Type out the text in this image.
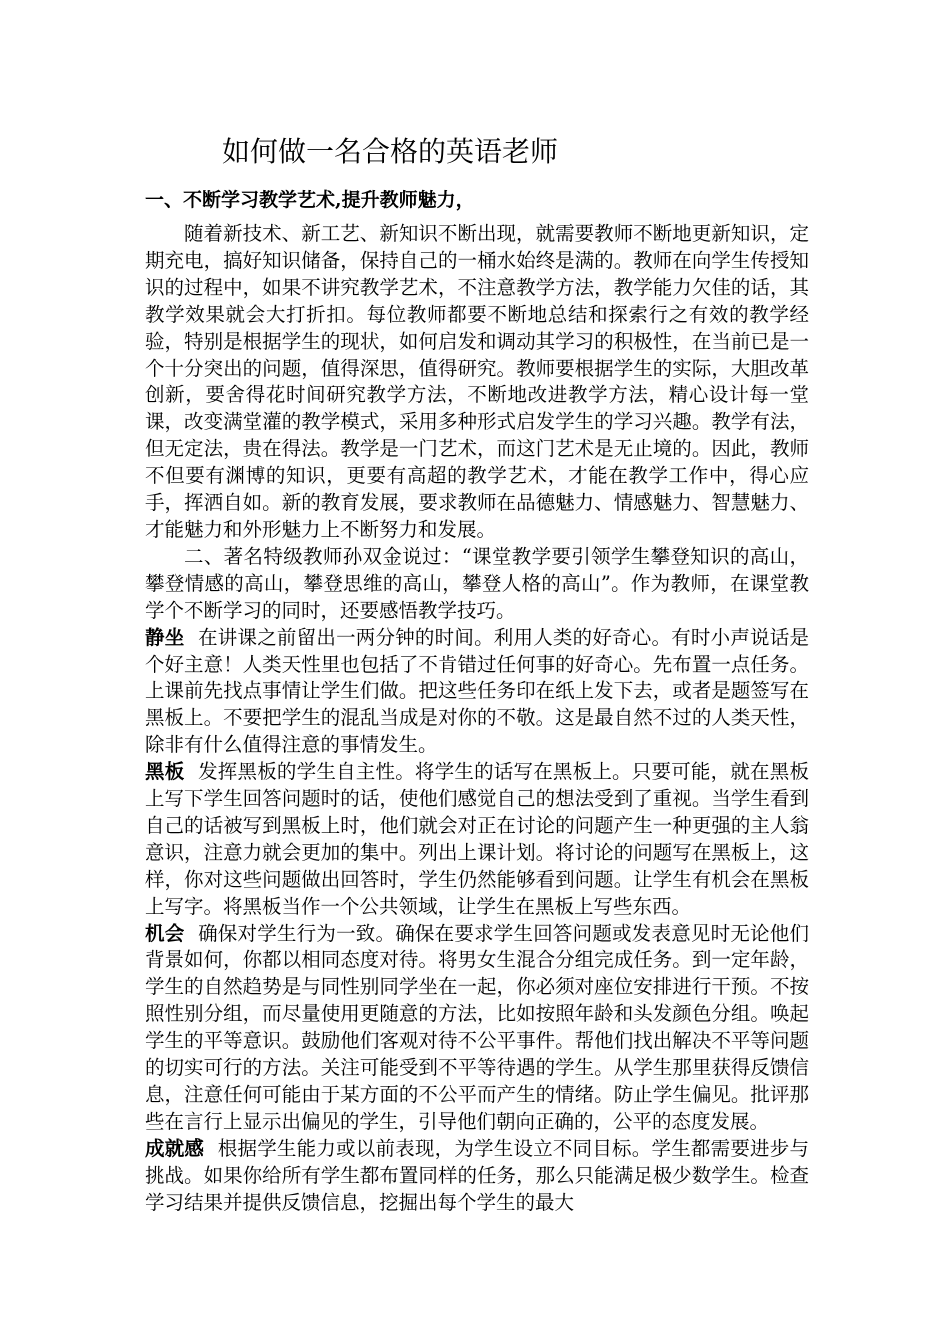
如何做一名合格的英语老师
一、不断学习教学艺术,提升教师魅力，

随着新技术、新工艺、新知识不断出现，就需要教师不断地更新知识，定期充电，搞好知识储备，保持自己的一桶水始终是满的。教师在向学生传授知识的过程中，如果不讲究教学艺术，不注意教学方法，教学能力欠佳的话，其教学效果就会大打折扣。每位教师都要不断地总结和探索行之有效的教学经验，特别是根据学生的现状，如何启发和调动其学习的积极性，在当前已是一个十分突出的问题，值得深思，值得研究。教师要根据学生的实际，大胆改革创新，要舍得花时间研究教学方法，不断地改进教学方法，精心设计每一堂课，改变满堂灌的教学模式，采用多种形式启发学生的学习兴趣。教学有法，但无定法，贵在得法。教学是一门艺术，而这门艺术是无止境的。因此，教师不但要有渊博的知识，更要有高超的教学艺术，才能在教学工作中，得心应手，挥洒自如。新的教育发展，要求教师在品德魅力、情感魅力、智慧魅力、才能魅力和外形魅力上不断努力和发展。

二、著名特级教师孙双金说过：“课堂教学要引领学生攀登知识的高山，攀登情感的高山，攀登思维的高山，攀登人格的高山”。作为教师，在课堂教学个不断学习的同时，还要感悟教学技巧。

静坐 在讲课之前留出一两分钟的时间。利用人类的好奇心。有时小声说话是个好主意！人类天性里也包括了不肯错过任何事的好奇心。先布置一点任务。上课前先找点事情让学生们做。把这些任务印在纸上发下去，或者是题签写在黑板上。不要把学生的混乱当成是对你的不敬。这是最自然不过的人类天性，除非有什么值得注意的事情发生。

黑板 发挥黑板的学生自主性。将学生的话写在黑板上。只要可能，就在黑板上写下学生回答问题时的话，使他们感觉自己的想法受到了重视。当学生看到自己的话被写到黑板上时，他们就会对正在讨论的问题产生一种更强的主人翁意识，注意力就会更加的集中。列出上课计划。将讨论的问题写在黑板上，这样，你对这些问题做出回答时，学生仍然能够看到问题。让学生有机会在黑板上写字。将黑板当作一个公共领域，让学生在黑板上写些东西。

机会 确保对学生行为一致。确保在要求学生回答问题或发表意见时无论他们背景如何，你都以相同态度对待。将男女生混合分组完成任务。到一定年龄，学生的自然趋势是与同性别同学坐在一起，你必须对座位安排进行干预。不按照性别分组，而尽量使用更随意的方法，比如按照年龄和头发颜色分组。唤起学生的平等意识。鼓励他们客观对待不公平事件。帮他们找出解决不平等问题的切实可行的方法。关注可能受到不平等待遇的学生。从学生那里获得反馈信息，注意任何可能由于某方面的不公平而产生的情绪。防止学生偏见。批评那些在言行上显示出偏见的学生，引导他们朝向正确的，公平的态度发展。

成就感 根据学生能力或以前表现，为学生设立不同目标。学生都需要进步与挑战。如果你给所有学生都布置同样的任务，那么只能满足极少数学生。检查学习结果并提供反馈信息，挖掘出每个学生的最大
